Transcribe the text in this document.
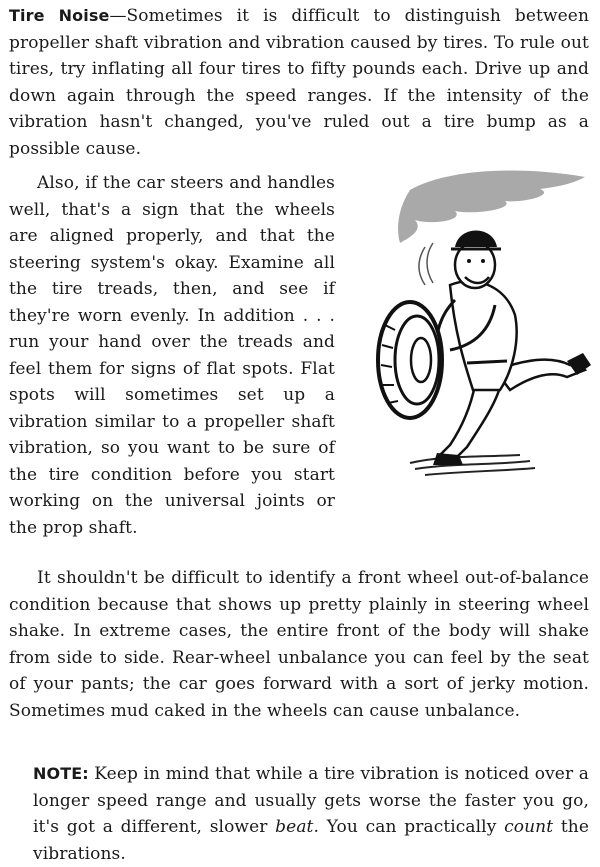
Tire Noise—Sometimes it is difficult to distinguish between propeller shaft vibration and vibration caused by tires. To rule out tires, try inflating all four tires to fifty pounds each. Drive up and down again through the speed ranges. If the intensity of the vibration hasn't changed, you've ruled out a tire bump as a possible cause.

Also, if the car steers and handles well, that's a sign that the wheels are aligned properly, and that the steering system's okay. Examine all the tire treads, then, and see if they're worn evenly. In addition . . . run your hand over the treads and feel them for signs of flat spots. Flat spots will sometimes set up a vibration similar to a propeller shaft vibration, so you want to be sure of the tire condition before you start working on the universal joints or the prop shaft.

It shouldn't be difficult to identify a front wheel out-of-balance condition because that shows up pretty plainly in steering wheel shake. In extreme cases, the entire front of the body will shake from side to side. Rear-wheel unbalance you can feel by the seat of your pants; the car goes forward with a sort of jerky motion. Sometimes mud caked in the wheels can cause unbalance.

NOTE: Keep in mind that while a tire vibration is noticed over a longer speed range and usually gets worse the faster you go, it's got a different, slower beat. You can practically count the vibrations.
